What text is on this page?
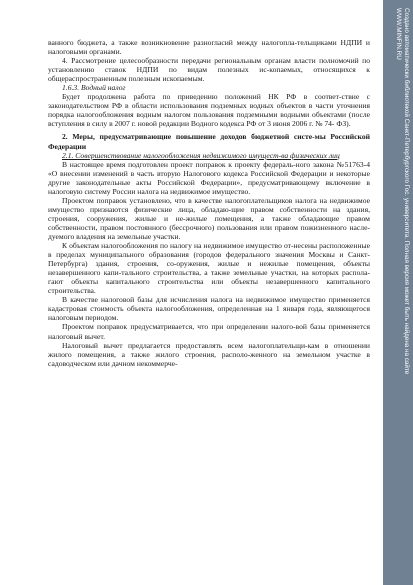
ванного бюджета, а также возникновение разногласий между налогопла-тельщиками НДПИ и налоговыми органами.

4. Рассмотрение целесообразности передачи региональным органам власти полномочий по установлению ставок НДПИ по видам полезных ис-копаемых, относящихся к общераспространенным полезным ископаемым.

1.6.3. Водный налог

Будет продолжена работа по приведению положений НК РФ в соответ-ствие с законодательством РФ в области использования подземных водных объектов в части уточнения порядка налогообложения водным налогом пользования подземными водными объектами (после вступления в силу в 2007 г. новой редакции Водного кодекса РФ от 3 июня 2006 г. № 74- ФЗ).

2. Меры, предусматривающие повышение доходов бюджетной систе-мы Российской Федерации

2.1. Совершенствование налогообложения недвижимого имущест-ва физических лиц

В настоящее время подготовлен проект поправок к проекту федераль-ного закона №51763-4 «О внесении изменений в часть вторую Налогового кодекса Российской Федерации и некоторые другие законодательные акты Российской Федерации», предусматривающему включение в налоговую систему России налога на недвижимое имущество.

Проектом поправок установлено, что в качестве налогоплательщиков налога на недвижимое имущество признаются физические лица, обладаю-щие правом собственности на здания, строения, сооружения, жилые и не-жилые помещения, а также обладающие правом собственности, правом постоянного (бессрочного) пользования или правом пожизненного насле-дуемого владения на земельные участки.

К объектам налогообложения по налогу на недвижимое имущество от-несены расположенные в пределах муниципального образования (городов федерального значения Москвы и Санкт-Петербурга) здания, строения, со-оружения, жилые и нежилые помещения, объекты незавершенного капи-тального строительства, а также земельные участки, на которых распола-гают объекты капитального строительства или объекты незавершенного капитального строительства.

В качестве налоговой базы для исчисления налога на недвижимое имущество применяется кадастровая стоимость объекта налогообложения, определенная на 1 января года, являющегося налоговым периодом.

Проектом поправок предусматривается, что при определении налого-вой базы применяется налоговый вычет.

Налоговый вычет предлагается предоставлять всем налогоплательщи-кам в отношении жилого помещения, а также жилого строения, располо-женного на земельном участке в садоводческом или дачном некоммерче-	Создано автоматически библиотекой Санкт-Петербургского Гос. университета. Полная версия может быть найдена на сайте
WWW.MINFIN.RU
